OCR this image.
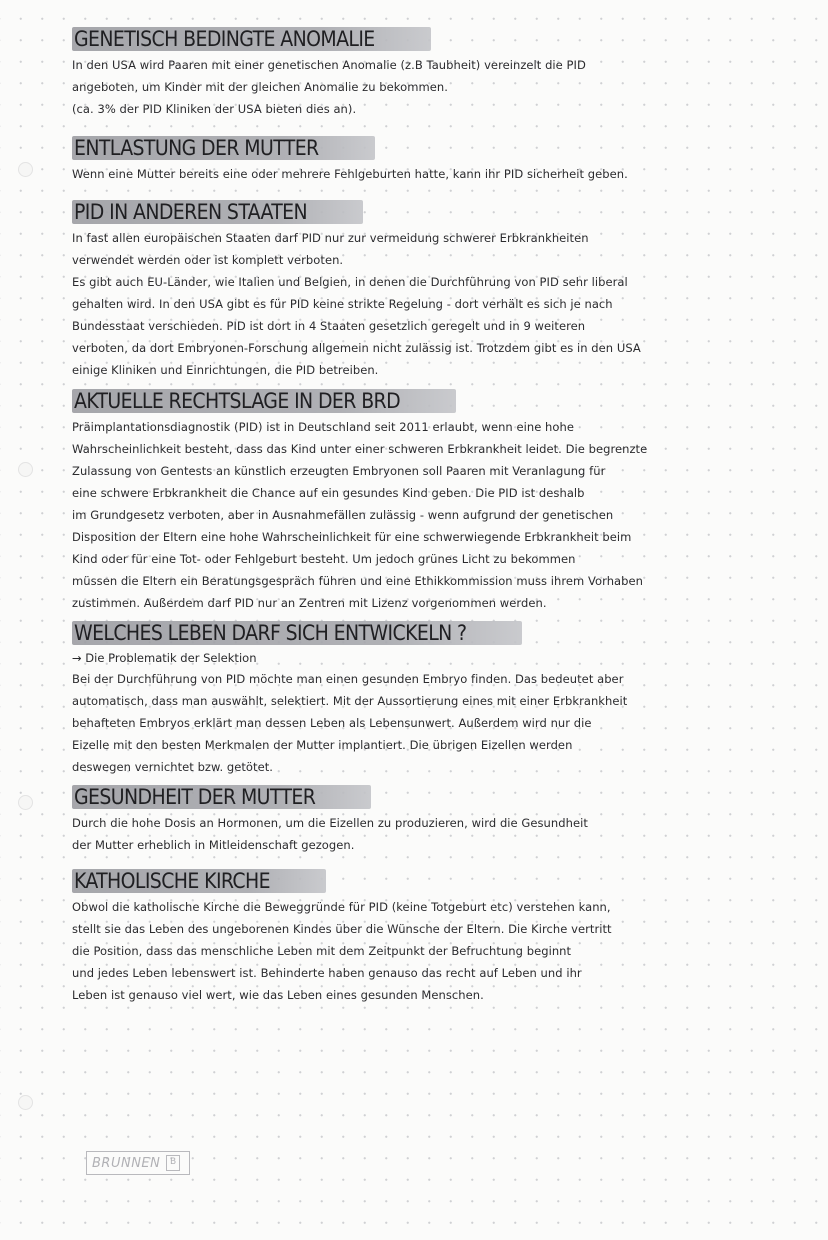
GENETISCH BEDINGTE ANOMALIE
In den USA wird Paaren mit einer genetischen Anomalie (z.B Taubheit) vereinzelt die PID
angeboten, um Kinder mit der gleichen Anomalie zu bekommen.
(ca. 3% der PID Kliniken der USA bieten dies an).
ENTLASTUNG DER MUTTER
Wenn eine Mutter bereits eine oder mehrere Fehlgeburten hatte, kann ihr PID sicherheit geben.
PID IN ANDEREN STAATEN
In fast allen europäischen Staaten darf PID nur zur vermeidung schwerer Erbkrankheiten
verwendet werden oder ist komplett verboten.
Es gibt auch EU-Länder, wie Italien und Belgien, in denen die Durchführung von PID sehr liberal
gehalten wird. In den USA gibt es für PID keine strikte Regelung - dort verhält es sich je nach
Bundesstaat verschieden. PID ist dort in 4 Staaten gesetzlich geregelt und in 9 weiteren
verboten, da dort Embryonen-Forschung allgemein nicht zulässig ist. Trotzdem gibt es in den USA
einige Kliniken und Einrichtungen, die PID betreiben.
AKTUELLE RECHTSLAGE IN DER BRD
Präimplantationsdiagnostik (PID) ist in Deutschland seit 2011 erlaubt, wenn eine hohe
Wahrscheinlichkeit besteht, dass das Kind unter einer schweren Erbkrankheit leidet. Die begrenzte
Zulassung von Gentests an künstlich erzeugten Embryonen soll Paaren mit Veranlagung für
eine schwere Erbkrankheit die Chance auf ein gesundes Kind geben. Die PID ist deshalb
im Grundgesetz verboten, aber in Ausnahmefällen zulässig - wenn aufgrund der genetischen
Disposition der Eltern eine hohe Wahrscheinlichkeit für eine schwerwiegende Erbkrankheit beim
Kind oder für eine Tot- oder Fehlgeburt besteht. Um jedoch grünes Licht zu bekommen
müssen die Eltern ein Beratungsgespräch führen und eine Ethikkommission muss ihrem Vorhaben
zustimmen. Außerdem darf PID nur an Zentren mit Lizenz vorgenommen werden.
WELCHES LEBEN DARF SICH ENTWICKELN ?
→ Die Problematik der Selektion
Bei der Durchführung von PID möchte man einen gesunden Embryo finden. Das bedeutet aber
automatisch, dass man auswählt, selektiert. Mit der Aussortierung eines mit einer Erbkrankheit
behafteten Embryos erklärt man dessen Leben als Lebensunwert. Außerdem wird nur die
Eizelle mit den besten Merkmalen der Mutter implantiert. Die übrigen Eizellen werden
deswegen vernichtet bzw. getötet.
GESUNDHEIT DER MUTTER
Durch die hohe Dosis an Hormonen, um die Eizellen zu produzieren, wird die Gesundheit
der Mutter erheblich in Mitleidenschaft gezogen.
KATHOLISCHE KIRCHE
Obwol die katholische Kirche die Beweggründe für PID (keine Totgeburt etc) verstehen kann,
stellt sie das Leben des ungeborenen Kindes über die Wünsche der Eltern. Die Kirche vertritt
die Position, dass das menschliche Leben mit dem Zeitpunkt der Befruchtung beginnt
und jedes Leben lebenswert ist. Behinderte haben genauso das recht auf Leben und ihr
Leben ist genauso viel wert, wie das Leben eines gesunden Menschen.
BRUNNEN	B
